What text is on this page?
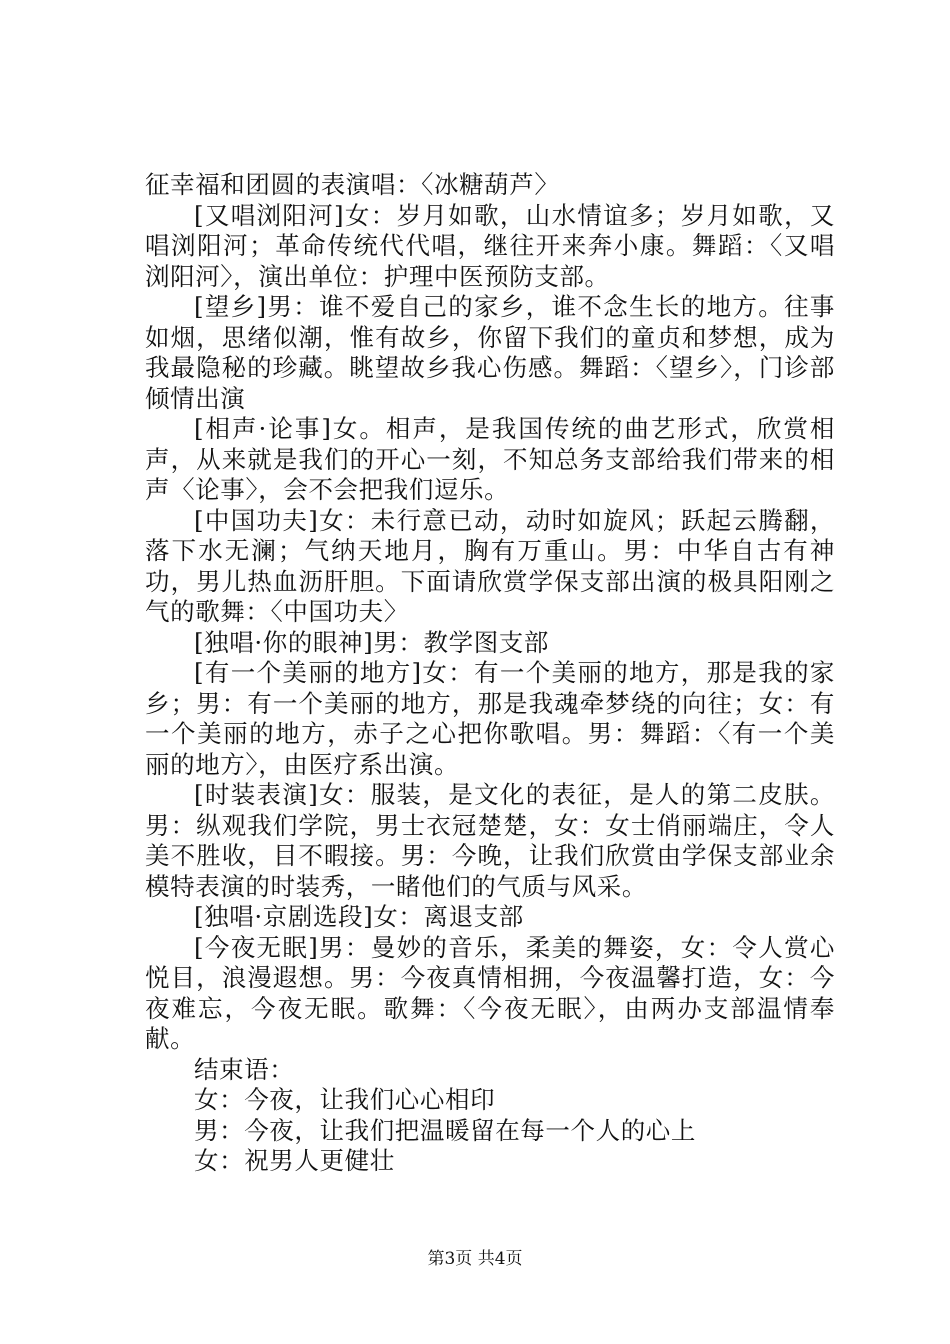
征幸福和团圆的表演唱：〈冰糖葫芦〉

[又唱浏阳河]女：岁月如歌，山水情谊多；岁月如歌，又唱浏阳河；革命传统代代唱，继往开来奔小康。舞蹈：〈又唱浏阳河〉，演出单位：护理中医预防支部。

[望乡]男：谁不爱自己的家乡，谁不念生长的地方。往事如烟，思绪似潮，惟有故乡，你留下我们的童贞和梦想，成为我最隐秘的珍藏。眺望故乡我心伤感。舞蹈：〈望乡〉，门诊部倾情出演

[相声·论事]女。相声，是我国传统的曲艺形式，欣赏相声，从来就是我们的开心一刻，不知总务支部给我们带来的相声〈论事〉，会不会把我们逗乐。

[中国功夫]女：未行意已动，动时如旋风；跃起云腾翻，落下水无澜；气纳天地月，胸有万重山。男：中华自古有神功，男儿热血沥肝胆。下面请欣赏学保支部出演的极具阳刚之气的歌舞：〈中国功夫〉

[独唱·你的眼神]男：教学图支部

[有一个美丽的地方]女：有一个美丽的地方，那是我的家乡；男：有一个美丽的地方，那是我魂牵梦绕的向往；女：有一个美丽的地方，赤子之心把你歌唱。男：舞蹈：〈有一个美丽的地方〉，由医疗系出演。

[时装表演]女：服装，是文化的表征，是人的第二皮肤。男：纵观我们学院，男士衣冠楚楚，女：女士俏丽端庄，令人美不胜收，目不暇接。男：今晚，让我们欣赏由学保支部业余模特表演的时装秀，一睹他们的气质与风采。

[独唱·京剧选段]女：离退支部

[今夜无眠]男：曼妙的音乐，柔美的舞姿，女：令人赏心悦目，浪漫遐想。男：今夜真情相拥，今夜温馨打造，女：今夜难忘，今夜无眠。歌舞：〈今夜无眠〉，由两办支部温情奉献。

结束语：

女：今夜，让我们心心相印

男：今夜，让我们把温暖留在每一个人的心上

女：祝男人更健壮

第3页 共4页
